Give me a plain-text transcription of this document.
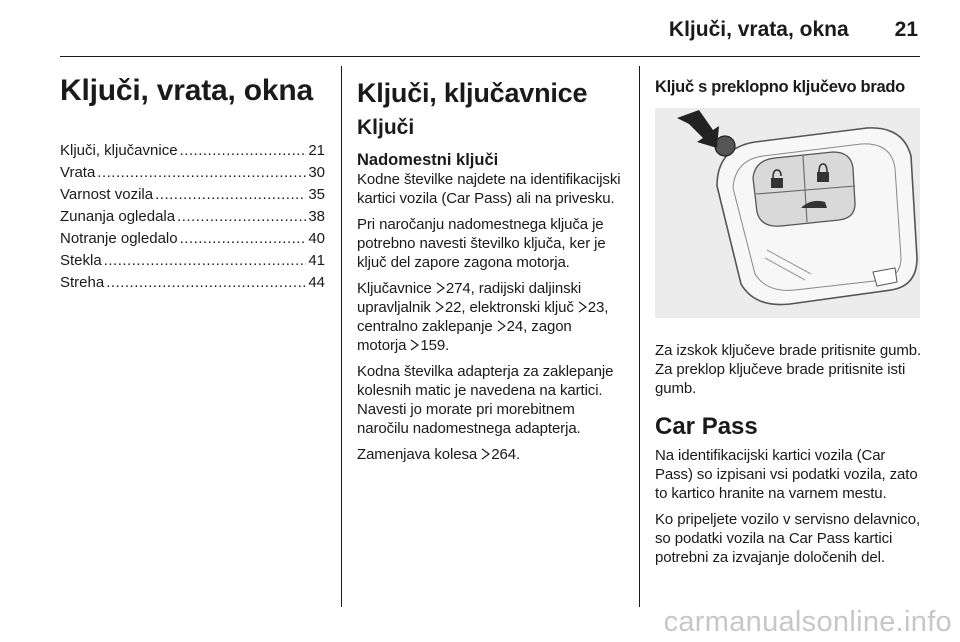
Ključi, vrata, okna 21
Ključi, vrata, okna
Ključi, ključavnice .....	21
Vrata .....	30
Varnost vozila .....	35
Zunanja ogledala .....	38
Notranje ogledalo .....	40
Stekla .....	41
Streha .....	44
Ključi, ključavnice
Ključi
Nadomestni ključi

Kodne številke najdete na identifikacijski kartici vozila (Car Pass) ali na privesku.

Pri naročanju nadomestnega ključa je potrebno navesti številko ključa, ker je ključ del zapore zagona motorja.

Ključavnice 274, radijski daljinski upravljalnik 22, elektronski ključ 23, centralno zaklepanje 24, zagon motorja 159.

Kodna številka adapterja za zaklepanje kolesnih matic je navedena na kartici. Navesti jo morate pri morebitnem naročilu nadomestnega adapterja.

Zamenjava kolesa 264.

Ključ s preklopno ključevo brado

Za izskok ključeve brade pritisnite gumb. Za preklop ključeve brade pritisnite isti gumb.

Car Pass

Na identifikacijski kartici vozila (Car Pass) so izpisani vsi podatki vozila, zato to kartico hranite na varnem mestu.

Ko pripeljete vozilo v servisno delavnico, so podatki vozila na Car Pass kartici potrebni za izvajanje določenih del.

carmanualsonline.info
